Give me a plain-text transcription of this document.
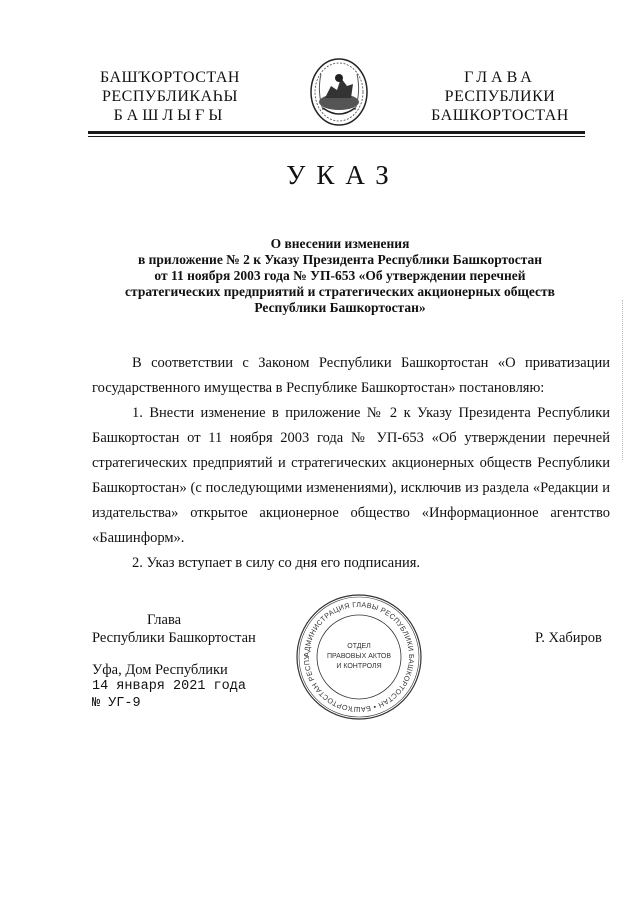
БАШҠОРТОСТАН
РЕСПУБЛИКАҺЫ
БАШЛЫҒЫ
ГЛАВА
РЕСПУБЛИКИ
БАШКОРТОСТАН
УКАЗ
О внесении изменения
в приложение № 2 к Указу Президента Республики Башкортостан
от 11 ноября 2003 года № УП-653 «Об утверждении перечней
стратегических предприятий и стратегических акционерных обществ
Республики Башкортостан»
В соответствии с Законом Республики Башкортостан «О приватизации государственного имущества в Республике Башкортостан» постановляю:
1. Внести изменение в приложение № 2 к Указу Президента Республики Башкортостан от 11 ноября 2003 года № УП-653 «Об утверждении перечней стратегических предприятий и стратегических акционерных обществ Республики Башкортостан» (с последующими изменениями), исключив из раздела «Редакции и издательства» открытое акционерное общество «Информационное агентство «Башинформ».
2. Указ вступает в силу со дня его подписания.
Глава
Республики Башкортостан	Р. Хабиров
Уфа, Дом Республики
14 января 2021 года
№ УГ-9
АДМИНИСТРАЦИЯ ГЛАВЫ РЕСПУБЛИКИ БАШКОРТОСТАН • БАШҠОРТОСТАН РЕСПУ
ОТДЕЛ
ПРАВОВЫХ АКТОВ
И КОНТРОЛЯ
